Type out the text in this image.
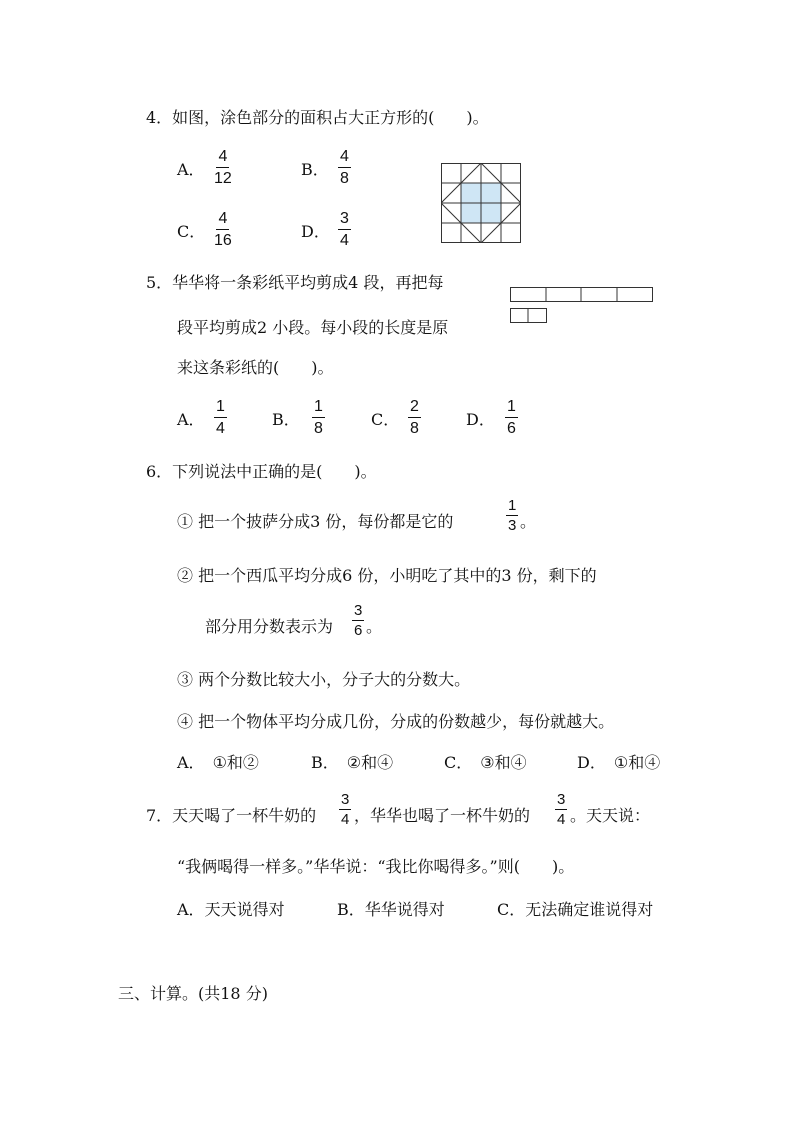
4．如图，涂色部分的面积占大正方形的(　　)。
A． $\frac{4}{12}$	B． $\frac{4}{8}$
C． $\frac{4}{16}$	D． $\frac{3}{4}$
5．华华将一条彩纸平均剪成4 段，再把每
段平均剪成2 小段。每小段的长度是原
来这条彩纸的(　　)。
A． $\frac{1}{4}$	B． $\frac{1}{8}$	C． $\frac{2}{8}$	D． $\frac{1}{6}$
6．下列说法中正确的是(　　)。
① 把一个披萨分成3 份，每份都是它的	$\frac{1}{3}$ 。
② 把一个西瓜平均分成6 份，小明吃了其中的3 份，剩下的
部分用分数表示为 $\frac{3}{6}$ 。
③ 两个分数比较大小，分子大的分数大。
④ 把一个物体平均分成几份，分成的份数越少，每份就越大。
A． ①和②	B． ②和④	C． ③和④	D． ①和④
7．天天喝了一杯牛奶的 $\frac{3}{4}$ ，华华也喝了一杯牛奶的 $\frac{3}{4}$ 。天天说：
“我俩喝得一样多。”华华说：“我比你喝得多。”则(　　)。
A．天天说得对	B．华华说得对	C．无法确定谁说得对
三、计算。(共18 分)
